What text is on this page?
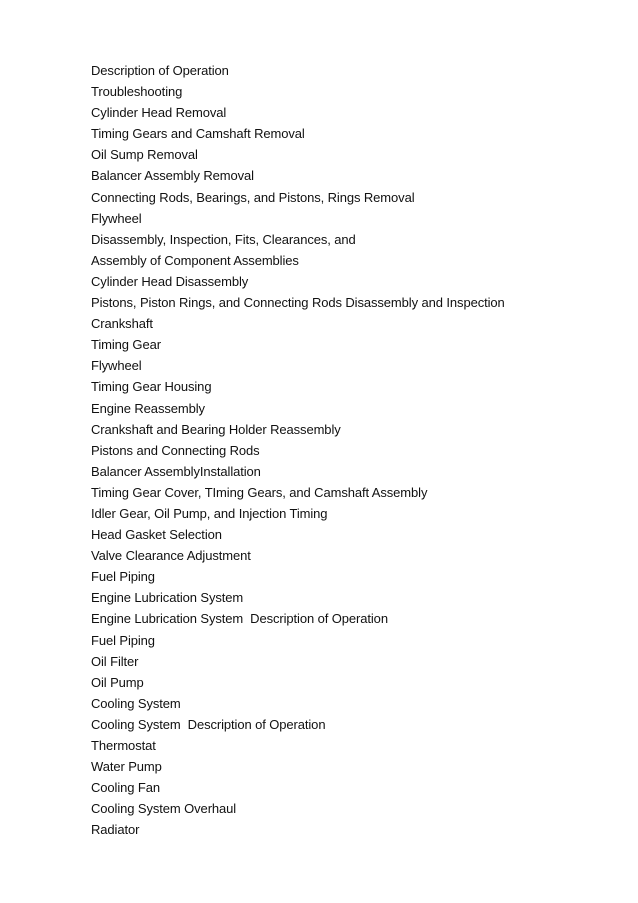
Description of Operation
Troubleshooting
Cylinder Head Removal
Timing Gears and Camshaft Removal
Oil Sump Removal
Balancer Assembly Removal
Connecting Rods, Bearings, and Pistons, Rings Removal
Flywheel
Disassembly, Inspection, Fits, Clearances, and
Assembly of Component Assemblies
Cylinder Head Disassembly
Pistons, Piston Rings, and Connecting Rods Disassembly and Inspection
Crankshaft
Timing Gear
Flywheel
Timing Gear Housing
Engine Reassembly
Crankshaft and Bearing Holder Reassembly
Pistons and Connecting Rods
Balancer AssemblyInstallation
Timing Gear Cover, TIming Gears, and Camshaft Assembly
Idler Gear, Oil Pump, and Injection Timing
Head Gasket Selection
Valve Clearance Adjustment
Fuel Piping
Engine Lubrication System
Engine Lubrication System  Description of Operation
Fuel Piping
Oil Filter
Oil Pump
Cooling System
Cooling System  Description of Operation
Thermostat
Water Pump
Cooling Fan
Cooling System Overhaul
Radiator
